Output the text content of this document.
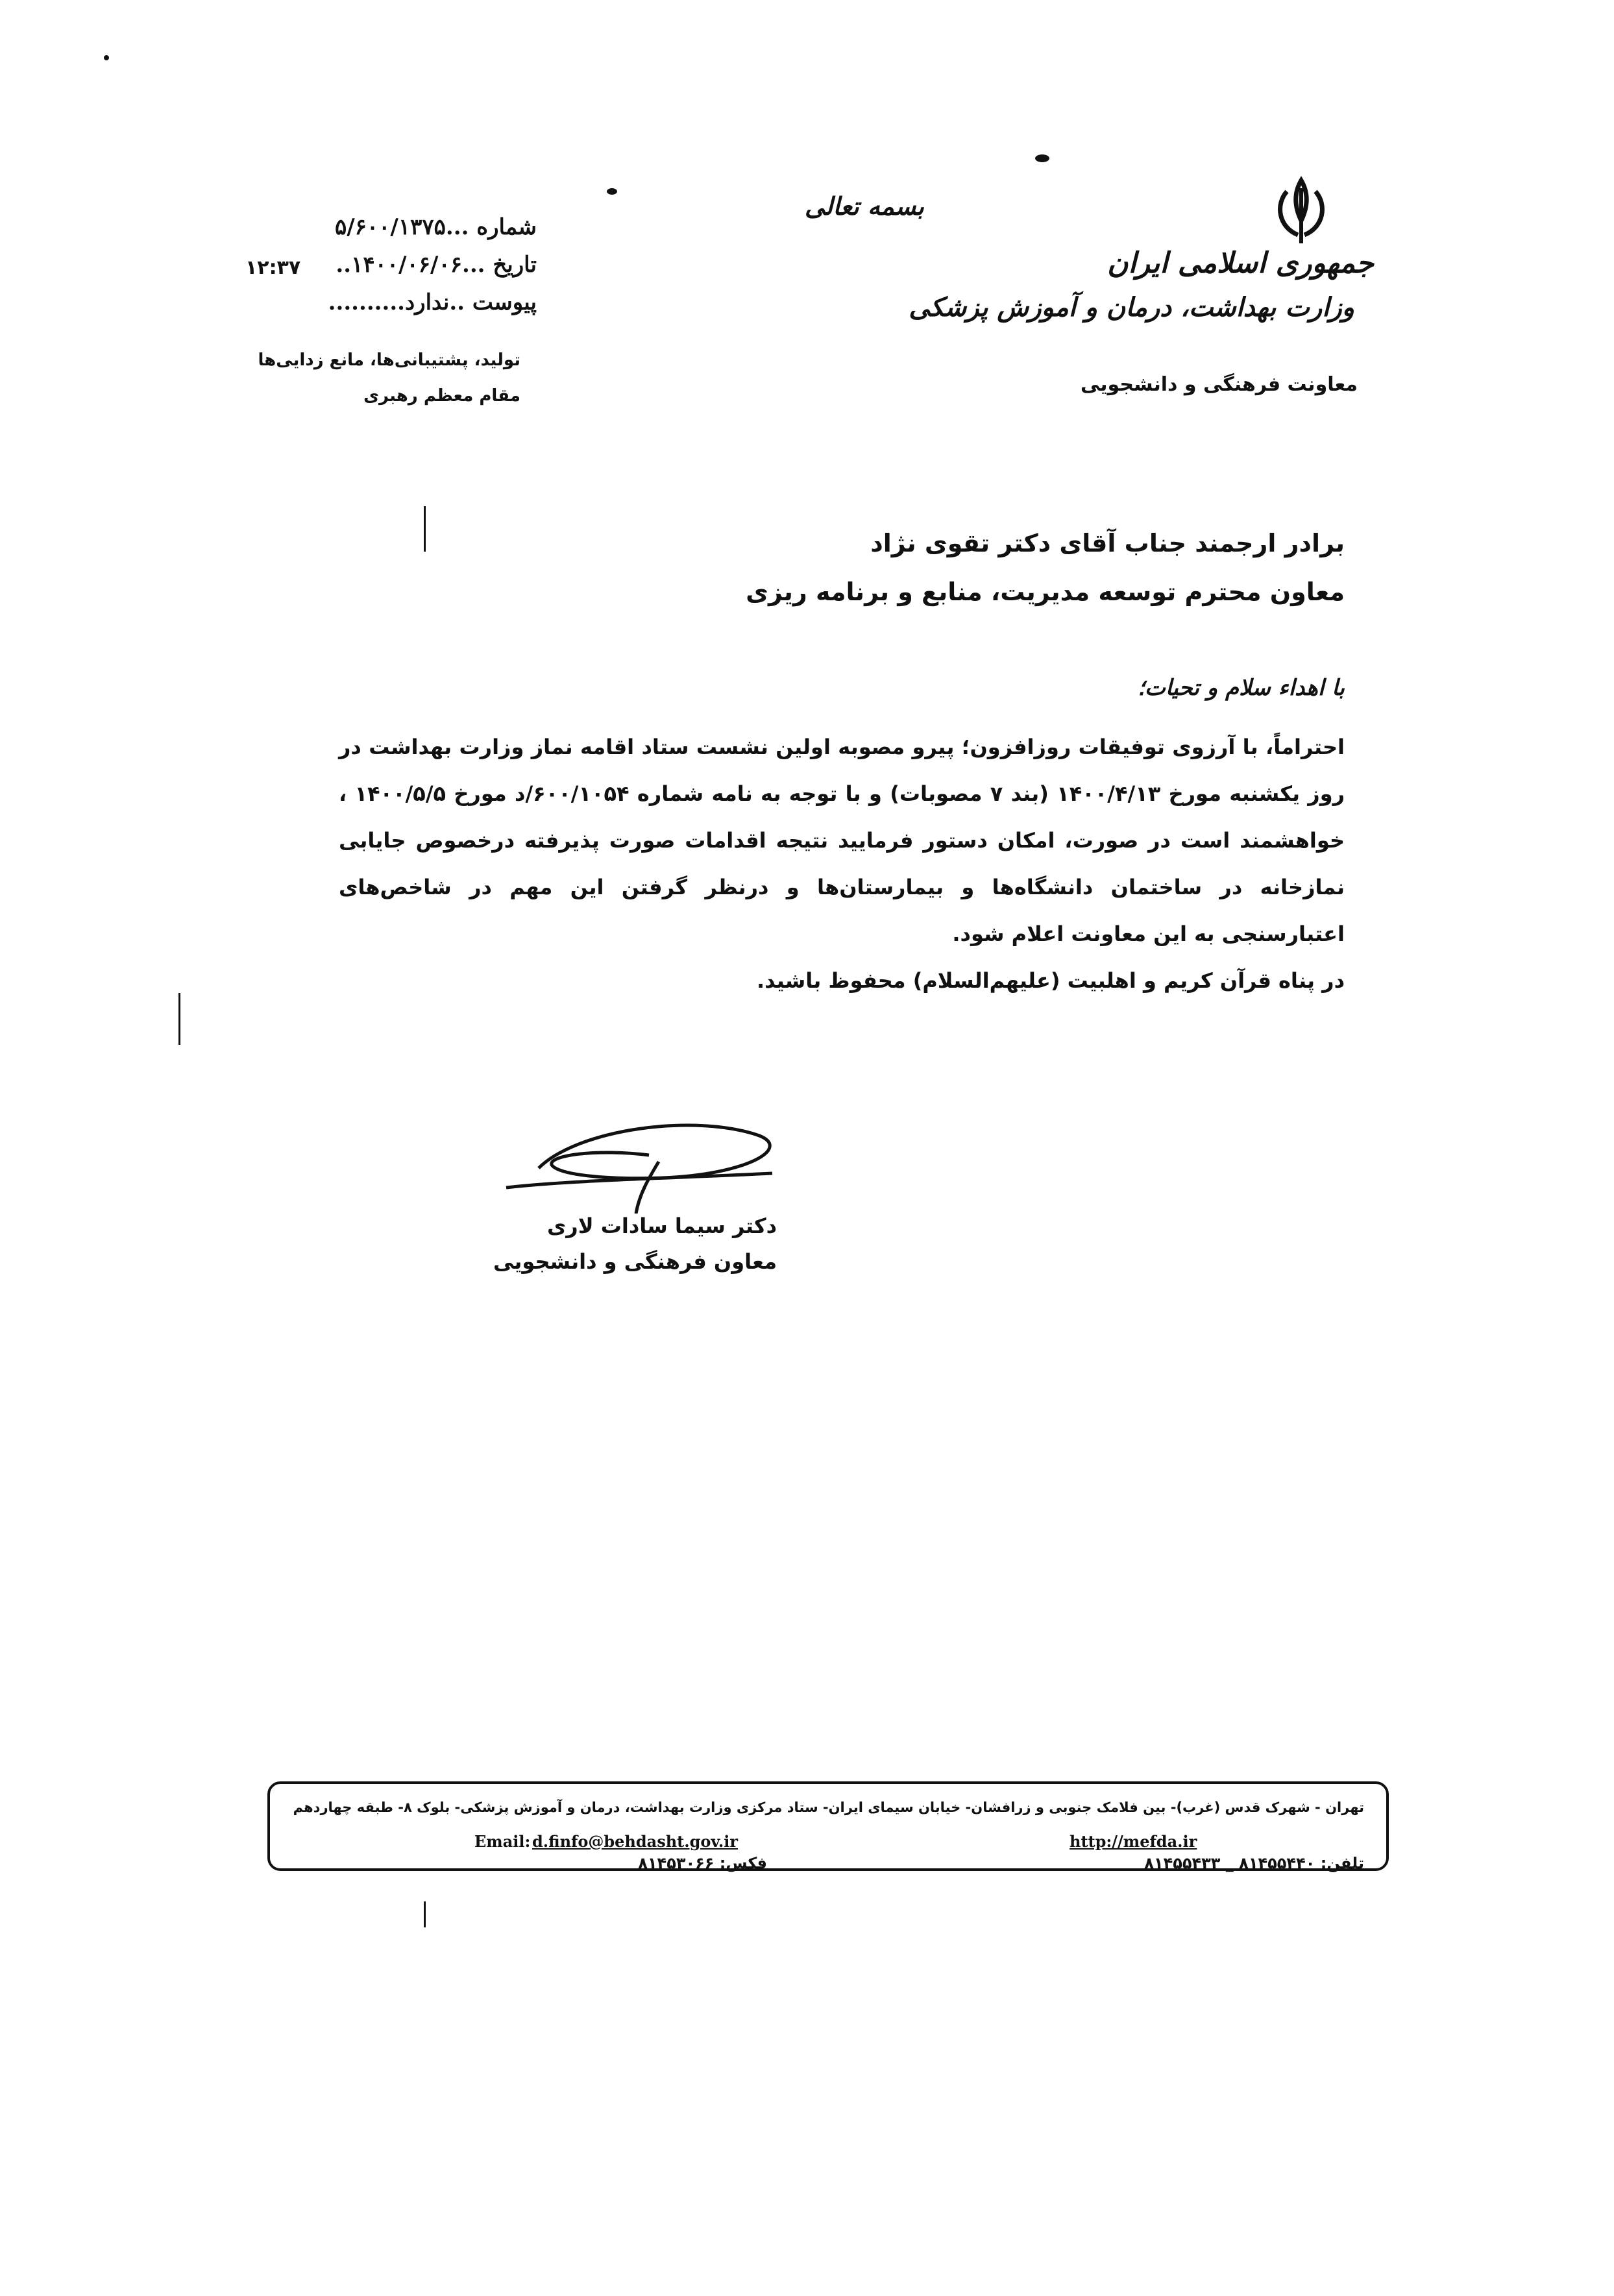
جمهوری اسلامی ایران
وزارت بهداشت، درمان و آموزش پزشکی
معاونت فرهنگی و دانشجویی
بسمه تعالی
شماره ...۵/۶۰۰/۱۳۷۵
تاریخ ...۱۴۰۰/۰۶/۰۶..
پیوست ..ندارد..........
۱۲:۳۷
تولید، پشتیبانی‌ها، مانع زدایی‌ها
مقام معظم رهبری
برادر ارجمند جناب آقای دکتر تقوی نژاد
معاون محترم توسعه مدیریت، منابع و برنامه ریزی
با اهداء سلام و تحیات؛

احتراماً، با آرزوی توفیقات روزافزون؛ پیرو مصوبه اولین نشست ستاد اقامه نماز وزارت بهداشت در روز یکشنبه مورخ ۱۴۰۰/۴/۱۳ (بند ۷ مصوبات) و با توجه به نامه شماره ۶۰۰/۱۰۵۴/د مورخ ۱۴۰۰/۵/۵ ، خواهشمند است در صورت، امکان دستور فرمایید نتیجه اقدامات صورت پذیرفته درخصوص جایابی نمازخانه در ساختمان دانشگاه‌ها و بیمارستان‌ها و درنظر گرفتن این مهم در شاخص‌های اعتبارسنجی به این معاونت اعلام شود.

در پناه قرآن کریم و اهلبیت (علیهم‌السلام) محفوظ باشید.

دکتر سیما سادات لاری
معاون فرهنگی و دانشجویی
تهران - شهرک قدس (غرب)- بین فلامک جنوبی و زرافشان- خیابان سیمای ایران- ستاد مرکزی وزارت بهداشت، درمان و آموزش پزشکی- بلوک ۸- طبقه چهاردهم
http://mefda.ir
Email: d.finfo@behdasht.gov.ir
تلفن: ۸۱۴۵۵۴۴۰ _ ۸۱۴۵۵۴۳۳
فکس: ۸۱۴۵۳۰۶۶
